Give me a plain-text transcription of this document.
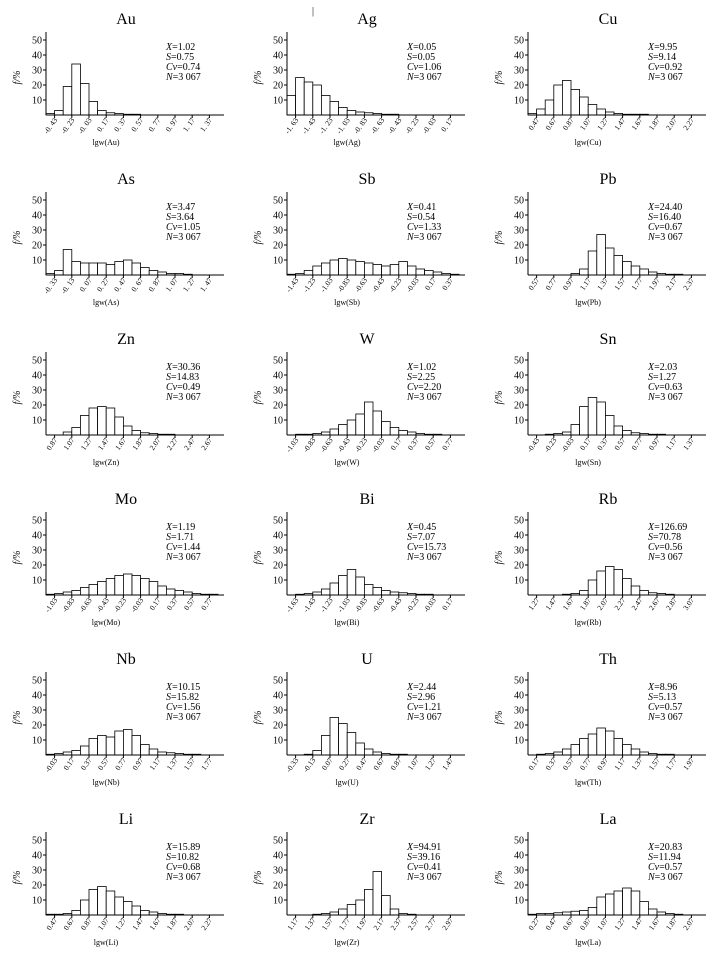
|
Au
f/%
50
40
30
20
10
-0. 43 -0. 23 -0. 03 0. 17 0. 37 0. 57 0. 77 0. 97 1. 17 1. 37
lgw(Au)
X=1.02
S=0.75
Cv=0.74
N=3 067
Ag
f/%
50
40
30
20
10
-1. 63 -1. 43 -1. 23 -1. 03 -0. 83 -0. 63 -0. 43 -0. 23 -0. 03 0. 17
lgw(Ag)
X=0.05
S=0.05
Cv=1.06
N=3 067
Cu
f/%
50
40
30
20
10
0.47 0.67 0.87 1.07 1.27 1.47 1.67 1.87 2.07 2.27
lgw(Cu)
X=9.95
S=9.14
Cv=0.92
N=3 067
As
f/%
50
40
30
20
10
-0. 33 -0. 13 0. 07 0. 27 0. 47 0. 67 0. 87 1. 07 1. 27 1. 47
lgw(As)
X=3.47
S=3.64
Cv=1.05
N=3 067
Sb
f/%
50
40
30
20
10
-1.43 -1.23 -1.03 -0.83 -0.63 -0.43 -0.23 -0.03 0.17 0.37
lgw(Sb)
X=0.41
S=0.54
Cv=1.33
N=3 067
Pb
f/%
50
40
30
20
10
0.57 0.77 0.97 1.17 1.37 1.57 1.77 1.97 2.17 2.37
lgw(Pb)
X=24.40
S=16.40
Cv=0.67
N=3 067
Zn
f/%
50
40
30
20
10
0.87 1.07 1.27 1.47 1.67 1.87 2.07 2.27 2.47 2.67
lgw(Zn)
X=30.36
S=14.83
Cv=0.49
N=3 067
W
f/%
50
40
30
20
10
-1.03 -0.83 -0.63 -0.43 -0.23 -0.03 0.17 0.37 0.57 0.77
lgw(W)
X=1.02
S=2.25
Cv=2.20
N=3 067
Sn
f/%
50
40
30
20
10
-0.43 -0.23 -0.03 0.17 0.37 0.57 0.77 0.97 1.17 1.37
lgw(Sn)
X=2.03
S=1.27
Cv=0.63
N=3 067
Mo
f/%
50
40
30
20
10
-1.03 -0.83 -0.63 -0.43 -0.23 -0.03 0.17 0.37 0.57 0.77
lgw(Mo)
X=1.19
S=1.71
Cv=1.44
N=3 067
Bi
f/%
50
40
30
20
10
-1.63 -1.43 -1.23 -1.03 -0.83 -0.63 -0.43 -0.23 -0.03 0.17
lgw(Bi)
X=0.45
S=7.07
Cv=15.73
N=3 067
Rb
f/%
50
40
30
20
10
1.27 1.47 1.67 1.87 2.07 2.27 2.47 2.67 2.87 3.07
lgw(Rb)
X=126.69
S=70.78
Cv=0.56
N=3 067
Nb
f/%
50
40
30
20
10
-0.03 0.17 0.37 0.57 0.77 0.97 1.17 1.37 1.57 1.77
lgw(Nb)
X=10.15
S=15.82
Cv=1.56
N=3 067
U
f/%
50
40
30
20
10
-0.33 -0.13 0.07 0.27 0.47 0.67 0.87 1.07 1.27 1.47
lgw(U)
X=2.44
S=2.96
Cv=1.21
N=3 067
Th
f/%
50
40
30
20
10
0.17 0.37 0.57 0.77 0.97 1.17 1.37 1.57 1.77 1.97
lgw(Th)
X=8.96
S=5.13
Cv=0.57
N=3 067
Li
f/%
50
40
30
20
10
0.47 0.67 0.87 1.07 1.27 1.47 1.67 1.87 2.07 2.27
lgw(Li)
X=15.89
S=10.82
Cv=0.68
N=3 067
Zr
f/%
50
40
30
20
10
1.17 1.37 1.57 1.77 1.97 2.17 2.37 2.57 2.77 2.97
lgw(Zr)
X=94.91
S=39.16
Cv=0.41
N=3 067
La
f/%
50
40
30
20
10
0.27 0.47 0.67 0.87 1.07 1.27 1.47 1.67 1.87 2.07
lgw(La)
X=20.83
S=11.94
Cv=0.57
N=3 067
